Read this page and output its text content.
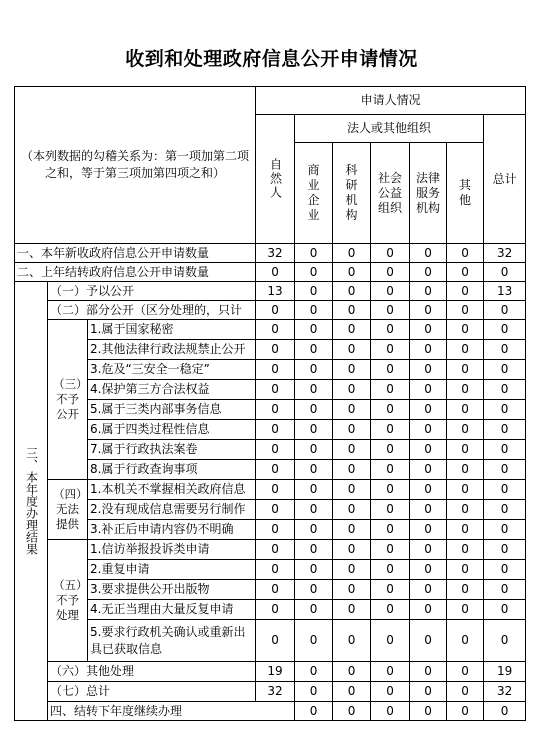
收到和处理政府信息公开申请情况
（本列数据的勾稽关系为：第一项加第二项之和，等于第三项加第四项之和）			申请人情况							
			自然人	法人或其他组织					总计	
				商业企业	科研机构	社会公益组织	法律服务机构	其他		
一、本年新收政府信息公开申请数量			32	0	0	0	0	0	32	
二、上年结转政府信息公开申请数量			0	0	0	0	0	0	0	
三、本年度办理结果	（一）予以公开		13	0	0	0	0	0	13	
	（二）部分公开（区分处理的，只计		0	0	0	0	0	0	0	
	（三）不予公开	1.属于国家秘密	0	0	0	0	0	0	0	
		2.其他法律行政法规禁止公开	0	0	0	0	0	0	0	
		3.危及“三安全一稳定”	0	0	0	0	0	0	0	
		4.保护第三方合法权益	0	0	0	0	0	0	0	
		5.属于三类内部事务信息	0	0	0	0	0	0	0	
		6.属于四类过程性信息	0	0	0	0	0	0	0	
		7.属于行政执法案卷	0	0	0	0	0	0	0	
		8.属于行政查询事项	0	0	0	0	0	0	0	
	（四）无法提供	1.本机关不掌握相关政府信息	0	0	0	0	0	0	0	
		2.没有现成信息需要另行制作	0	0	0	0	0	0	0	
		3.补正后申请内容仍不明确	0	0	0	0	0	0	0	
	（五）不予处理	1.信访举报投诉类申请	0	0	0	0	0	0	0	
		2.重复申请	0	0	0	0	0	0	0	
		3.要求提供公开出版物	0	0	0	0	0	0	0	
		4.无正当理由大量反复申请	0	0	0	0	0	0	0	
		5.要求行政机关确认或重新出具已获取信息	0	0	0	0	0	0	0	
	（六）其他处理		19	0	0	0	0	0	19	
	（七）总计		32	0	0	0	0	0	32	
	四、结转下年度继续办理			0	0	0	0	0	0	
